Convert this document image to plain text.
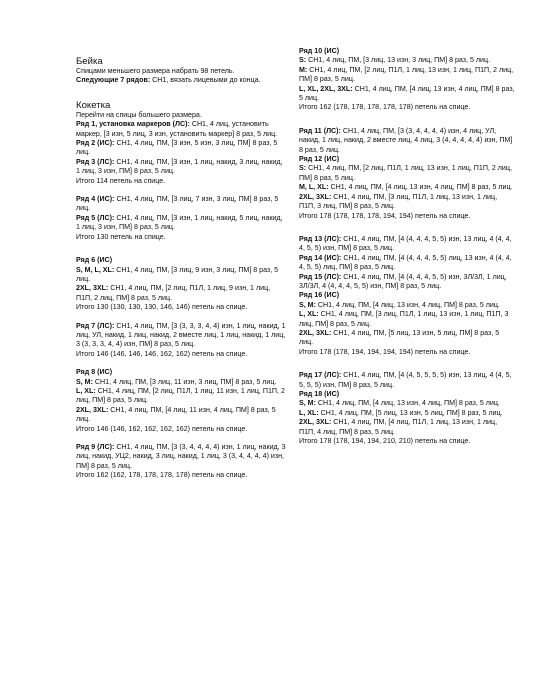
Бейка

Спицами меньшего размера набрать 98 петель.

Следующие 7 рядов: СН1, вязать лицевыми до конца.

Кокетка

Перейти на спицы большего размера.

Ряд 1, установка маркеров (ЛС): СН1, 4 лиц, установить маркер, [3 изн, 5 лиц, 3 изн, установить маркер] 8 раз, 5 лиц.

Ряд 2 (ИС): СН1, 4 лиц, ПМ, [3 изн, 5 изн, 3 лиц, ПМ] 8 раз, 5 лиц.

Ряд 3 (ЛС): СН1, 4 лиц, ПМ, [3 изн, 1 лиц, накид, 3 лиц, накид, 1 лиц, 3 изн, ПМ] 8 раз, 5 лиц.

Итого 114 петель на спице.

Ряд 4 (ИС): СН1, 4 лиц, ПМ, [3 лиц, 7 изн, 3 лиц, ПМ] 8 раз, 5 лиц.

Ряд 5 (ЛС): СН1, 4 лиц, ПМ, [3 изн, 1 лиц, накид, 5 лиц, накид, 1 лиц, 3 изн, ПМ] 8 раз, 5 лиц.

Итого 130 петель на спице.

Ряд 6 (ИС)

S, M, L, XL: СН1, 4 лиц, ПМ, [3 лиц, 9 изн, 3 лиц, ПМ] 8 раз, 5 лиц.

2XL, 3XL: СН1, 4 лиц, ПМ, [2 лиц, П1Л, 1 лиц, 9 изн, 1 лиц, П1П, 2 лиц, ПМ] 8 раз, 5 лиц.

Итого 130 (130, 130, 130, 146, 146) петель на спице.

Ряд 7 (ЛС): СН1, 4 лиц, ПМ, [3 (3, 3, 3, 4, 4) изн, 1 лиц, накид, 1 лиц, УЛ, накид, 1 лиц, накид, 2 вместе лиц, 1 лиц, накид, 1 лиц, 3 (3, 3, 3, 4, 4) изн, ПМ] 8 раз, 5 лиц.

Итого 146 (146, 146, 146, 162, 162) петель на спице.

Ряд 8 (ИС)

S, M: СН1, 4 лиц, ПМ, [3 лиц, 11 изн, 3 лиц, ПМ] 8 раз, 5 лиц.

L, XL: СН1, 4 лиц, ПМ, [2 лиц, П1Л, 1 лиц, 11 изн, 1 лиц, П1П, 2 лиц, ПМ] 8 раз, 5 лиц.

2XL, 3XL: СН1, 4 лиц, ПМ, [4 лиц, 11 изн, 4 лиц, ПМ] 8 раз, 5 лиц.

Итого 146 (146, 162, 162, 162, 162) петель на спице.

Ряд 9 (ЛС): СН1, 4 лиц, ПМ, [3 (3, 4, 4, 4, 4) изн, 1 лиц, накид, 3 лиц, накид, УЦ2, накид, 3 лиц, накид, 1 лиц, 3 (3, 4, 4, 4, 4) изн, ПМ] 8 раз, 5 лиц.

Итого 162 (162, 178, 178, 178, 178) петель на спице.

Ряд 10 (ИС)

S: СН1, 4 лиц, ПМ, [3 лиц, 13 изн, 3 лиц, ПМ] 8 раз, 5 лиц.

M: СН1, 4 лиц, ПМ, [2 лиц, П1Л, 1 лиц, 13 изн, 1 лиц, П1П, 2 лиц, ПМ] 8 раз, 5 лиц.

L, XL, 2XL, 3XL: СН1, 4 лиц, ПМ, [4 лиц, 13 изн, 4 лиц, ПМ] 8 раз, 5 лиц.

Итого 162 (178, 178, 178, 178, 178) петель на спице.

Ряд 11 (ЛС): СН1, 4 лиц, ПМ, [3 (3, 4, 4, 4, 4) изн, 4 лиц, УЛ, накид, 1 лиц, накид, 2 вместе лиц, 4 лиц, 3 (4, 4, 4, 4, 4) изн, ПМ] 8 раз, 5 лиц.

Ряд 12 (ИС)

S: СН1, 4 лиц, ПМ, [2 лиц, П1Л, 1 лиц, 13 изн, 1 лиц, П1П, 2 лиц, ПМ] 8 раз, 5 лиц.

M, L, XL: СН1, 4 лиц, ПМ, [4 лиц, 13 изн, 4 лиц, ПМ] 8 раз, 5 лиц.

2XL, 3XL: СН1, 4 лиц, ПМ, [3 лиц, П1Л, 1 лиц, 13 изн, 1 лиц, П1П, 3 лиц, ПМ] 8 раз, 5 лиц.

Итого 178 (178, 178, 178, 194, 194) петель на спице.

Ряд 13 (ЛС): СН1, 4 лиц, ПМ, [4 (4, 4, 4, 5, 5) изн, 13 лиц, 4 (4, 4, 4, 5, 5) изн, ПМ] 8 раз, 5 лиц.

Ряд 14 (ИС): СН1, 4 лиц, ПМ, [4 (4, 4, 4, 5, 5) лиц, 13 изн, 4 (4, 4, 4, 5, 5) лиц, ПМ] 8 раз, 5 лиц.

Ряд 15 (ЛС): СН1, 4 лиц, ПМ, [4 (4, 4, 4, 5, 5) изн, 3Л/3Л, 1 лиц, 3Л/3Л, 4 (4, 4, 4, 5, 5) изн, ПМ] 8 раз, 5 лиц.

Ряд 16 (ИС)

S, M: СН1, 4 лиц, ПМ, [4 лиц, 13 изн, 4 лиц, ПМ] 8 раз, 5 лиц.

L, XL: СН1, 4 лиц, ПМ, [3 лиц, П1Л, 1 лиц, 13 изн, 1 лиц, П1П, 3 лиц, ПМ] 8 раз, 5 лиц.

2XL, 3XL: СН1, 4 лиц, ПМ, [5 лиц, 13 изн, 5 лиц, ПМ] 8 раз, 5 лиц.

Итого 178 (178, 194, 194, 194, 194) петель на спице.

Ряд 17 (ЛС): СН1, 4 лиц, ПМ, [4 (4, 5, 5, 5, 5) изн, 13 лиц, 4 (4, 5, 5, 5, 5) изн, ПМ] 8 раз, 5 лиц.

Ряд 18 (ИС)

S, M: СН1, 4 лиц, ПМ, [4 лиц, 13 изн, 4 лиц, ПМ] 8 раз, 5 лиц.

L, XL: СН1, 4 лиц, ПМ, [5 лиц, 13 изн, 5 лиц, ПМ] 8 раз, 5 лиц.

2XL, 3XL: СН1, 4 лиц, ПМ, [4 лиц, П1Л, 1 лиц, 13 изн, 1 лиц, П1П, 4 лиц, ПМ] 8 раз, 5 лиц.

Итого 178 (178, 194, 194, 210, 210) петель на спице.
